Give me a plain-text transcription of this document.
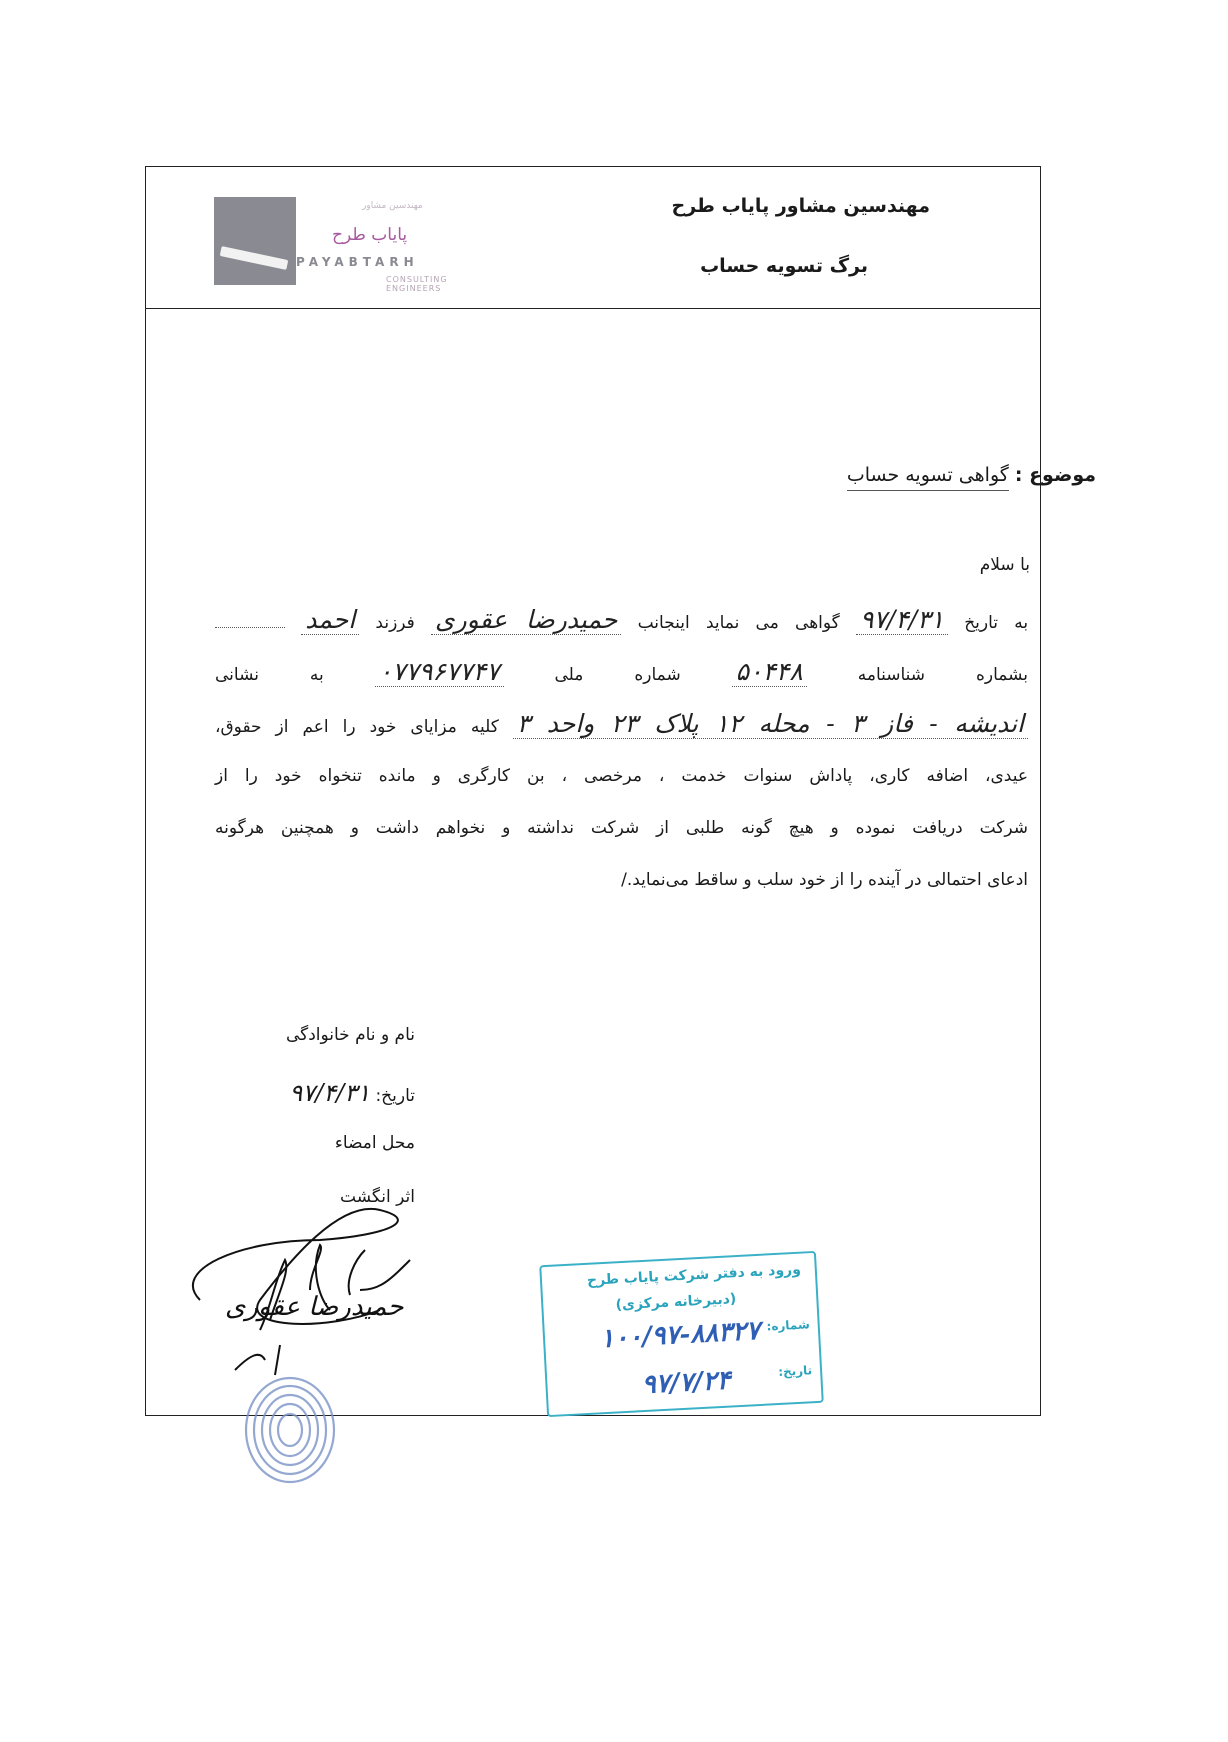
مهندسین مشاور پایاب طرح
برگ تسویه حساب
مهندسین مشاور
پایاب طرح
PAYABTARH
CONSULTING ENGINEERS
موضوع : گواهی تسویه حساب
با سلام
به تاریخ ۹۷/۴/۳۱ گواهی می نماید اینجانب حمیدرضا عقوری فرزند احمد
بشماره شناسنامه ۵۰۴۴۸ شماره ملی ۰۷۷۹۶۷۷۴۷ به نشانی
اندیشه - فاز ۳ - محله ۱۲ پلاک ۲۳ واحد ۳ کلیه مزایای خود را اعم از حقوق،
عیدی، اضافه کاری، پاداش سنوات خدمت ، مرخصی ، بن کارگری و مانده تنخواه خود را از
شرکت دریافت نموده و هیچ گونه طلبی از شرکت نداشته و نخواهم داشت و همچنین هرگونه
ادعای احتمالی در آینده را از خود سلب و ساقط می‌نماید./
نام و نام خانوادگی
تاریخ: ۹۷/۴/۳۱
محل امضاء
اثر انگشت
حمیدرضا عقوری
ورود به دفتر شرکت پایاب طرح
(دبیرخانه مرکزی)
شماره:
۱۰۰/۹۷-۸۸۳۲۷
تاریخ:
۹۷/۷/۲۴
